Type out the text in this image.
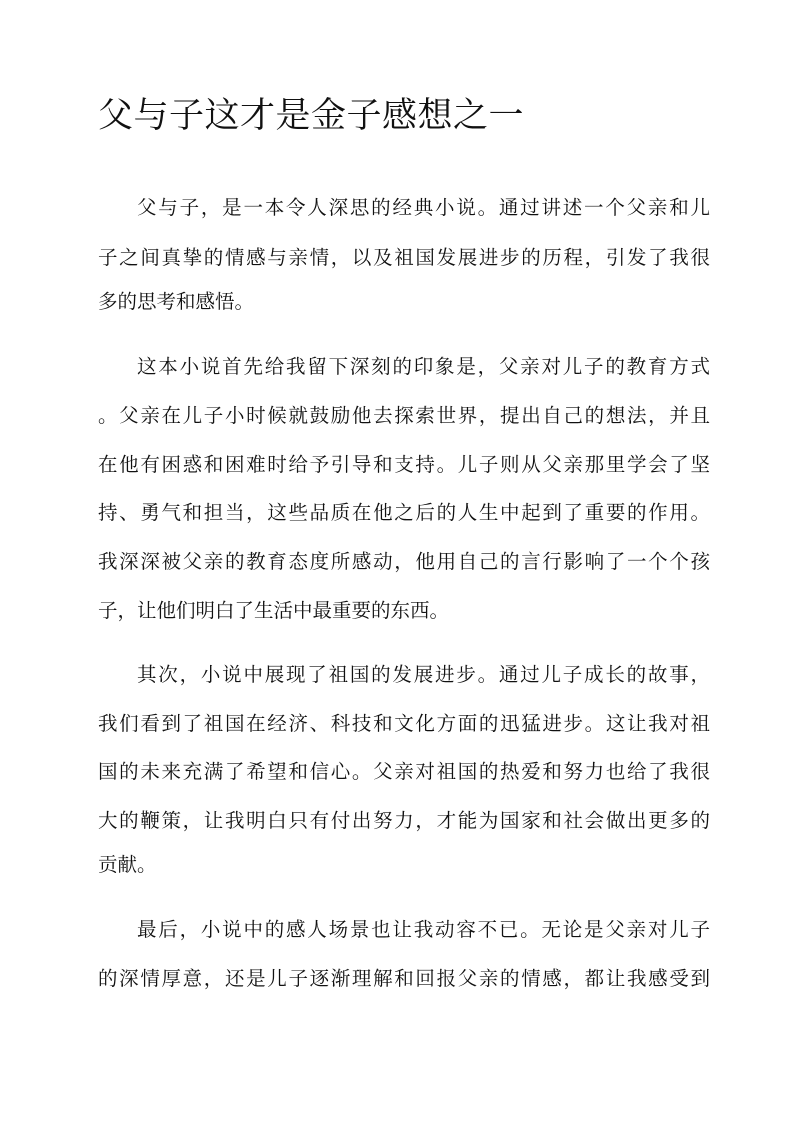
父与子这才是金子感想之一

父与子，是一本令人深思的经典小说。通过讲述一个父亲和儿

子之间真挚的情感与亲情，以及祖国发展进步的历程，引发了我很

多的思考和感悟。

这本小说首先给我留下深刻的印象是，父亲对儿子的教育方式

。父亲在儿子小时候就鼓励他去探索世界，提出自己的想法，并且

在他有困惑和困难时给予引导和支持。儿子则从父亲那里学会了坚

持、勇气和担当，这些品质在他之后的人生中起到了重要的作用。

我深深被父亲的教育态度所感动，他用自己的言行影响了一个个孩

子，让他们明白了生活中最重要的东西。

其次，小说中展现了祖国的发展进步。通过儿子成长的故事，

我们看到了祖国在经济、科技和文化方面的迅猛进步。这让我对祖

国的未来充满了希望和信心。父亲对祖国的热爱和努力也给了我很

大的鞭策，让我明白只有付出努力，才能为国家和社会做出更多的

贡献。

最后，小说中的感人场景也让我动容不已。无论是父亲对儿子

的深情厚意，还是儿子逐渐理解和回报父亲的情感，都让我感受到
